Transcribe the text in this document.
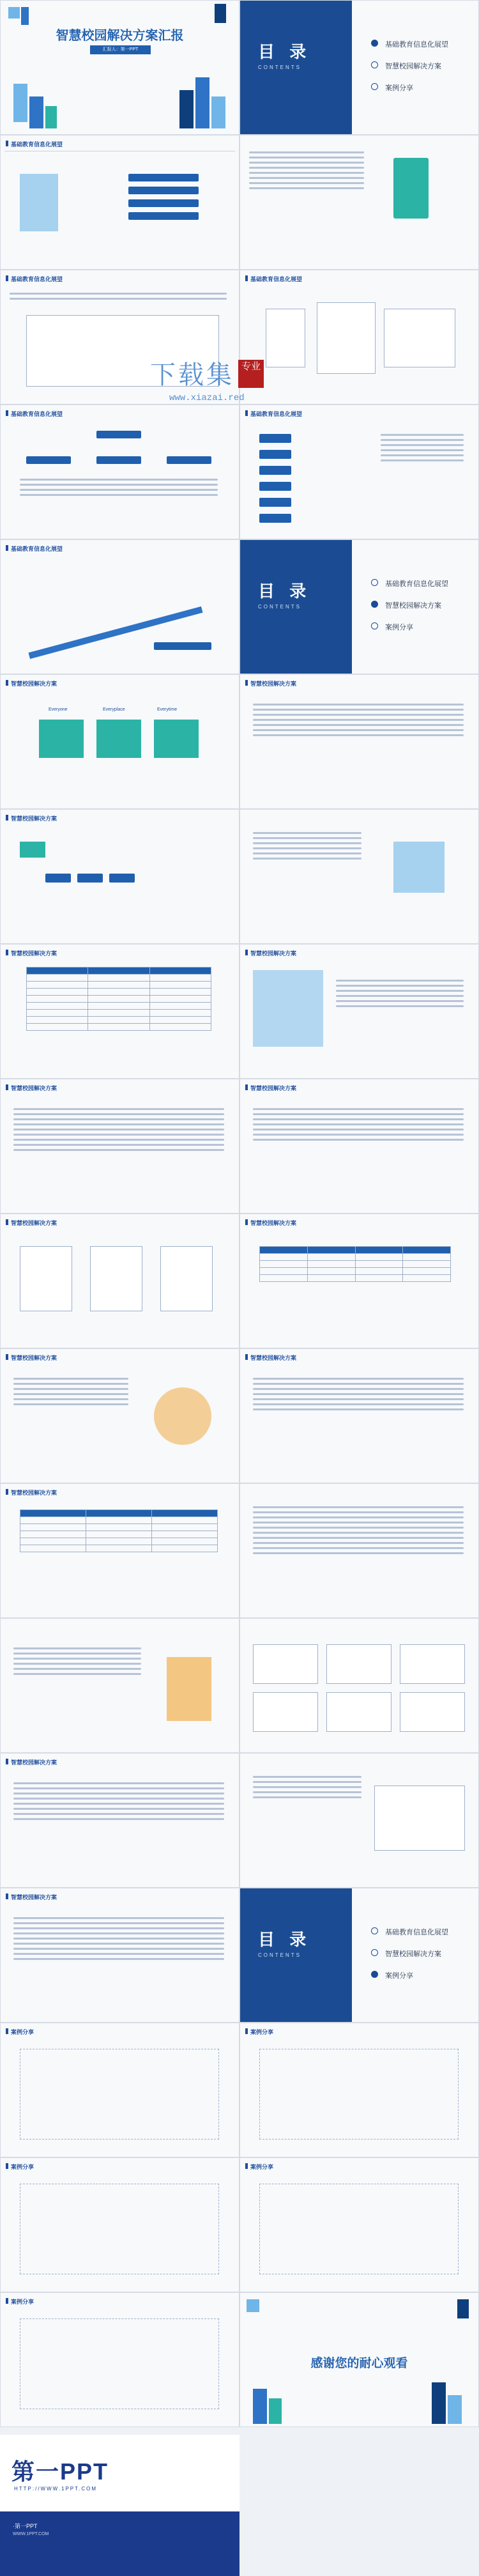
智慧校园解决方案汇报
汇报人：第一PPT	目 录
CONTENTS
基础教育信息化展望
智慧校园解决方案
案例分享
基础教育信息化展望
基础教育信息化展望	基础教育信息化展望
基础教育信息化展望	基础教育信息化展望
基础教育信息化展望
目 录
CONTENTS
基础教育信息化展望
智慧校园解决方案
案例分享
智慧校园解决方案
Everyone	Everyplace	Everytime
智慧校园解决方案
智慧校园解决方案
智慧校园解决方案

			智慧校园解决方案
智慧校园解决方案	智慧校园解决方案
智慧校园解决方案	智慧校园解决方案

智慧校园解决方案	智慧校园解决方案
智慧校园解决方案

智慧校园解决方案
智慧校园解决方案
目 录
CONTENTS
基础教育信息化展望
智慧校园解决方案
案例分享
案例分享	案例分享
案例分享	案例分享
案例分享
感谢您的耐心观看
下载集 专业
www.xiazai.red
第一PPT
HTTP://WWW.1PPT.COM
·第一PPT
WWW.1PPT.COM
